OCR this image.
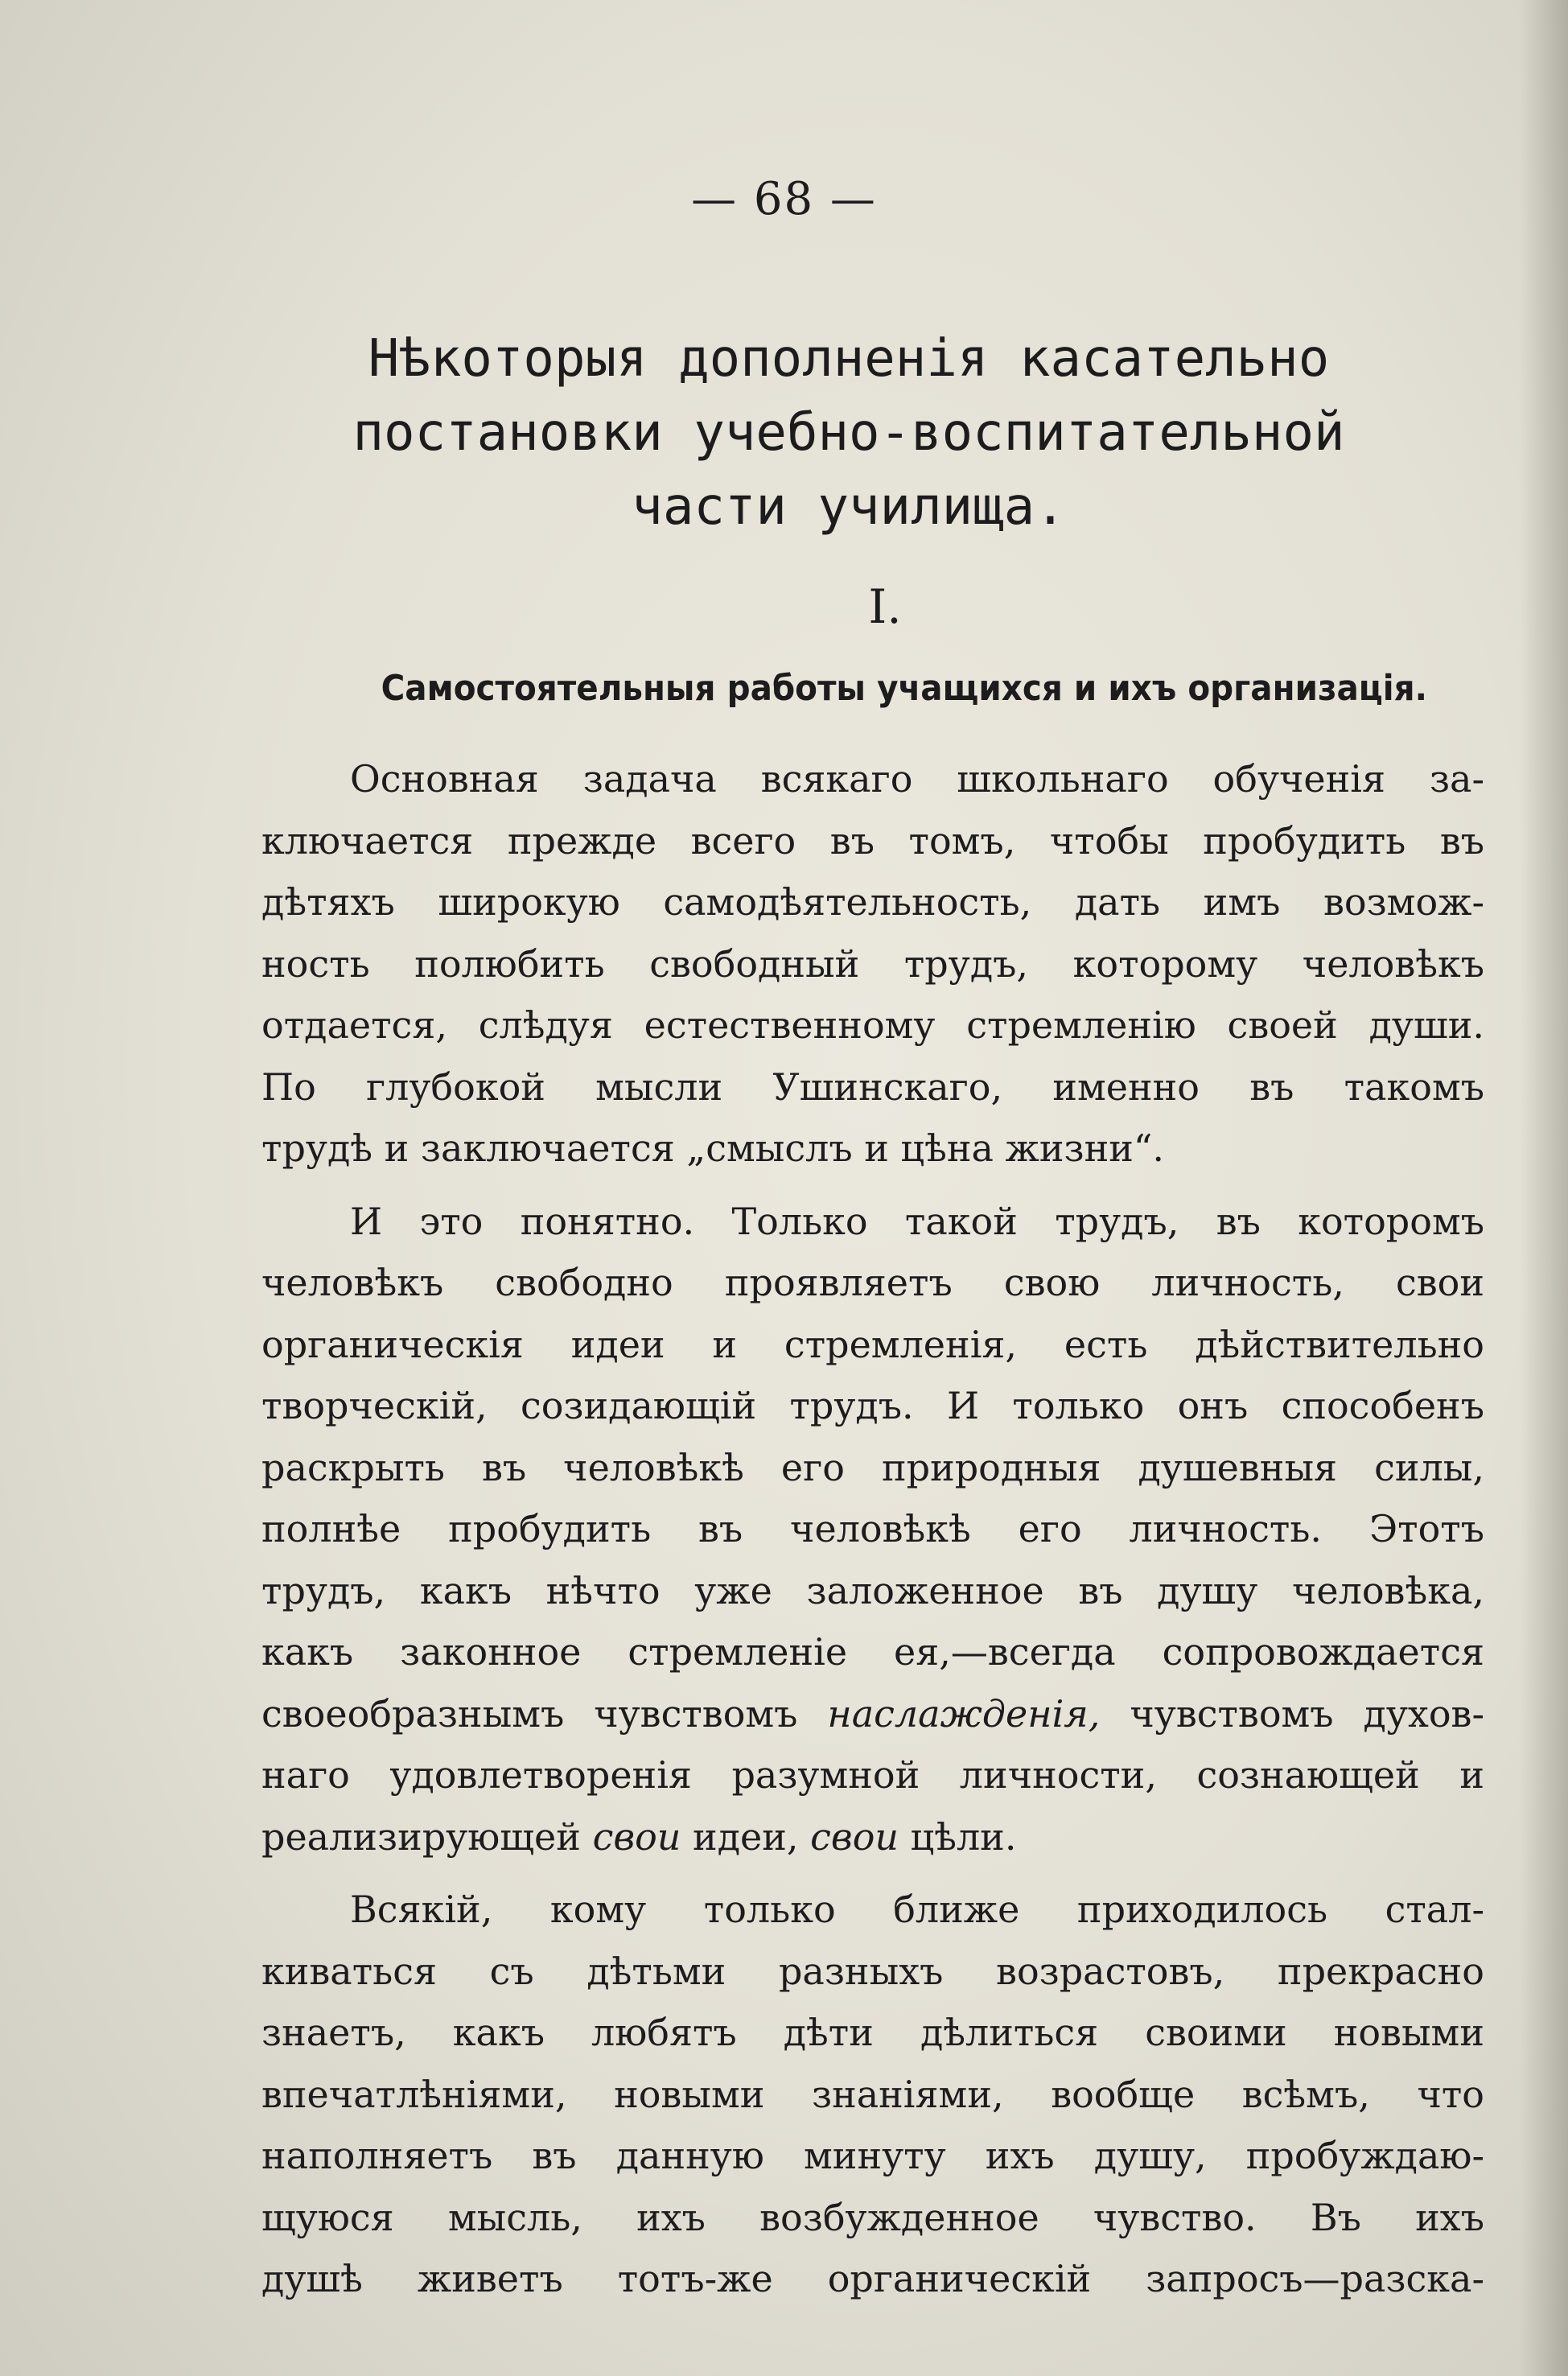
— 68 —
Нѣкоторыя дополненія касательно
постановки учебно-воспитательной
части училища.
I.
Самостоятельныя работы учащихся и ихъ организація.
Основная задача всякаго школьнаго обученія за-
ключается прежде всего въ томъ, чтобы пробудить въ
дѣтяхъ широкую самодѣятельность, дать имъ возмож-
ность полюбить свободный трудъ, которому человѣкъ
отдается, слѣдуя естественному стремленію своей души.
По глубокой мысли Ушинскаго, именно въ такомъ
трудѣ и заключается „смыслъ и цѣна жизни“.
И это понятно. Только такой трудъ, въ которомъ
человѣкъ свободно проявляетъ свою личность, свои
органическія идеи и стремленія, есть дѣйствительно
творческій, созидающій трудъ. И только онъ способенъ
раскрыть въ человѣкѣ его природныя душевныя силы,
полнѣе пробудить въ человѣкѣ его личность. Этотъ
трудъ, какъ нѣчто уже заложенное въ душу человѣка,
какъ законное стремленіе ея,—всегда сопровождается
своеобразнымъ чувствомъ наслажденія, чувствомъ духов-
наго удовлетворенія разумной личности, сознающей и
реализирующей свои идеи, свои цѣли.
Всякій, кому только ближе приходилось стал-
киваться съ дѣтьми разныхъ возрастовъ, прекрасно
знаетъ, какъ любятъ дѣти дѣлиться своими новыми
впечатлѣніями, новыми знаніями, вообще всѣмъ, что
наполняетъ въ данную минуту ихъ душу, пробуждаю-
щуюся мысль, ихъ возбужденное чувство. Въ ихъ
душѣ живетъ тотъ-же органическій запросъ—разска-
